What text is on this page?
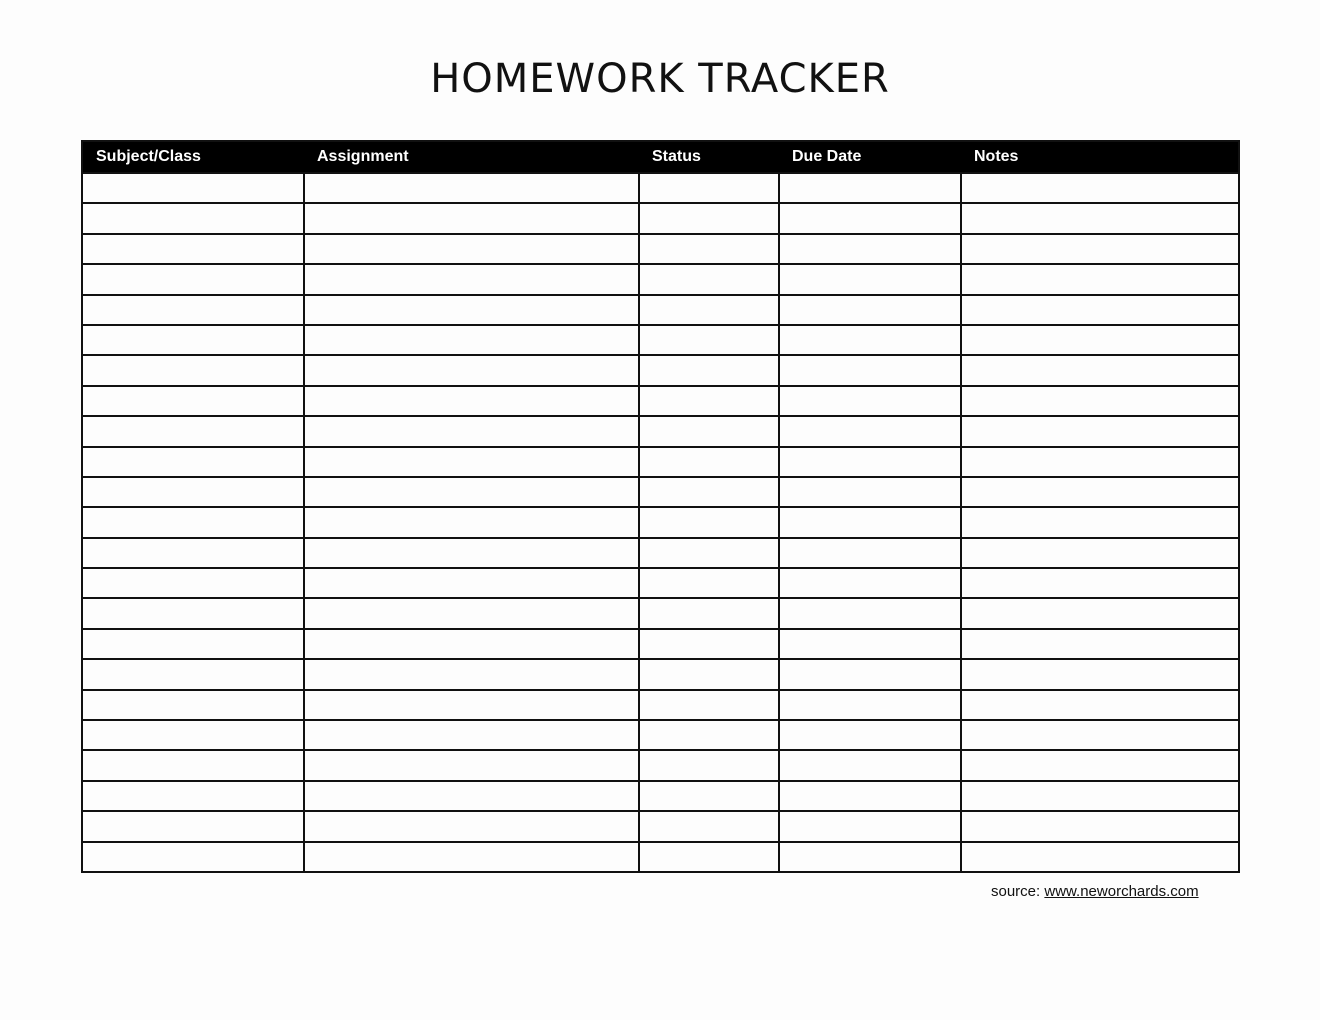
HOMEWORK TRACKER
Subject/Class	Assignment	Status	Due Date	Notes

source: www.neworchards.com
